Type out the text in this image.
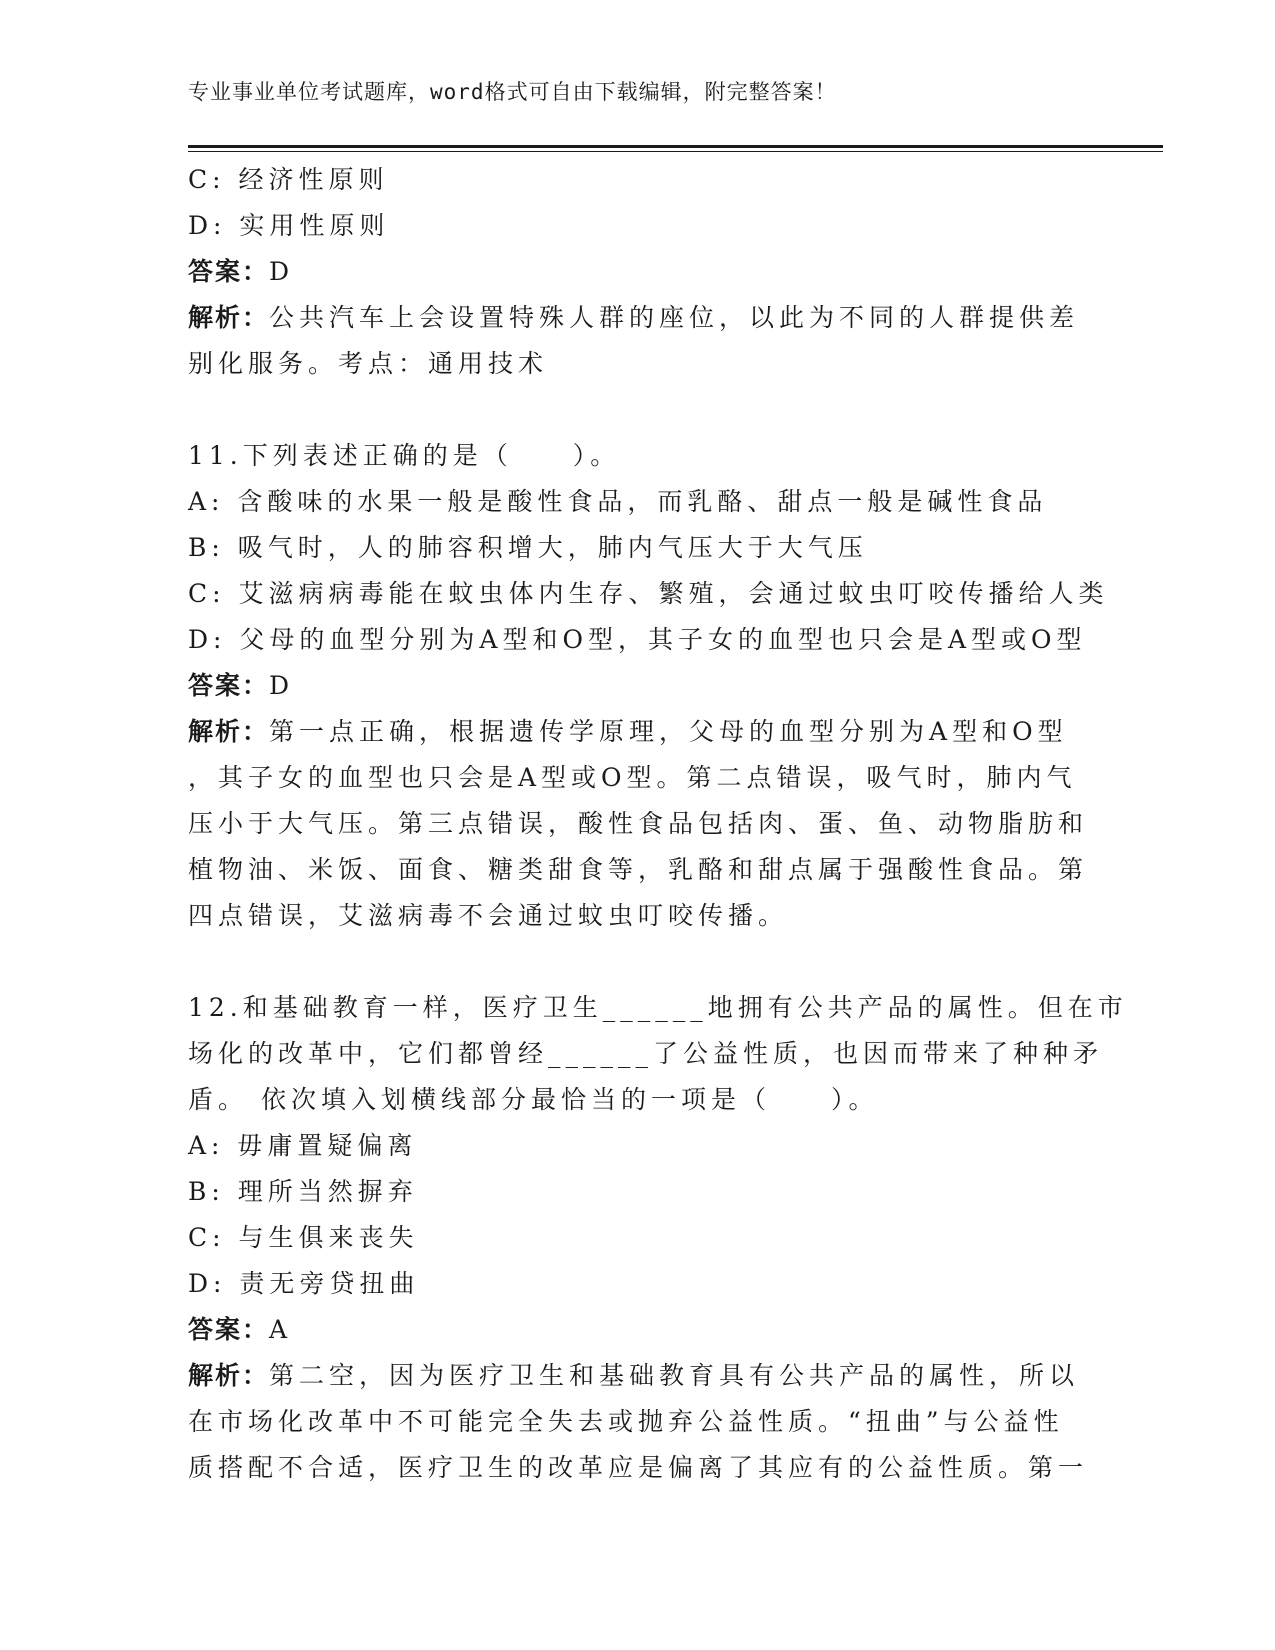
专业事业单位考试题库，word格式可自由下载编辑，附完整答案！
C: 经济性原则
D: 实用性原则
答案：D
解析：公共汽车上会设置特殊人群的座位，以此为不同的人群提供差
别化服务。考点：通用技术
11.下列表述正确的是（　　）。
A: 含酸味的水果一般是酸性食品，而乳酪、甜点一般是碱性食品
B: 吸气时，人的肺容积增大，肺内气压大于大气压
C: 艾滋病病毒能在蚊虫体内生存、繁殖，会通过蚊虫叮咬传播给人类
D: 父母的血型分别为A型和O型，其子女的血型也只会是A型或O型
答案：D
解析：第一点正确，根据遗传学原理，父母的血型分别为A型和O型
，其子女的血型也只会是A型或O型。第二点错误，吸气时，肺内气
压小于大气压。第三点错误，酸性食品包括肉、蛋、鱼、动物脂肪和
植物油、米饭、面食、糖类甜食等，乳酪和甜点属于强酸性食品。第
四点错误，艾滋病毒不会通过蚊虫叮咬传播。
12.和基础教育一样，医疗卫生______地拥有公共产品的属性。但在市
场化的改革中，它们都曾经______了公益性质，也因而带来了种种矛
盾。 依次填入划横线部分最恰当的一项是（　　）。
A: 毋庸置疑偏离
B: 理所当然摒弃
C: 与生俱来丧失
D: 责无旁贷扭曲
答案：A
解析：第二空，因为医疗卫生和基础教育具有公共产品的属性，所以
在市场化改革中不可能完全失去或抛弃公益性质。“扭曲”与公益性
质搭配不合适，医疗卫生的改革应是偏离了其应有的公益性质。第一
